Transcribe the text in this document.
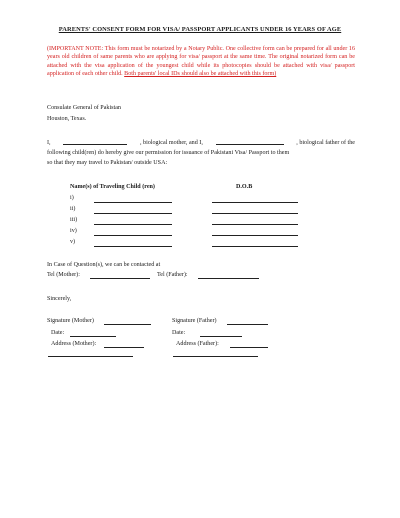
PARENTS' CONSENT FORM FOR VISA/ PASSPORT APPLICANTS UNDER 16 YEARS OF AGE
(IMPORTANT NOTE: This form must be notarized by a Notary Public. One collective form can be prepared for all under 16 years old children of same parents who are applying for visa/ passport at the same time. The original notarized form can be attached with the visa application of the youngest child while its photocopies should be attached with visa/ passport application of each other child. Both parents' local IDs should also be attached with this form)
Consulate General of Pakistan
Houston, Texas.
I,	, biological mother, and I,	, biological father of the
following child(ren) do hereby give our permission for issuance of Pakistani Visa/ Passport to them
so that they may travel to Pakistan/ outside USA:
Name(s) of Traveling Child (ren)	D.O.B
i)
ii)
iii)
iv)
v)
In Case of Question(s), we can be contacted at
Tel (Mother):	Tel (Father):
Sincerely,
Signature (Mother)	Signature (Father)
Date:	Date:
Address (Mother):	Address (Father):
